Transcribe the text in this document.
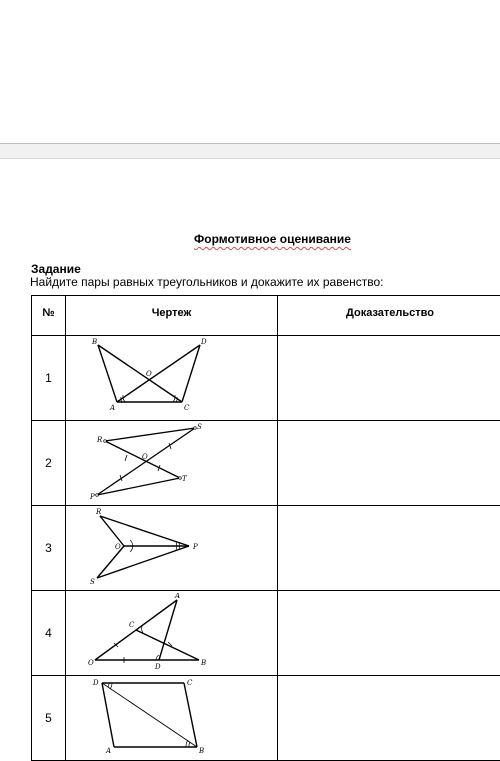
Формотивное оценивание
Задание
Найдите пары равных треугольников и докажите их равенство:
№	Чертеж	Доказательство
1	B D
O
A C	

2	S
R
O
T
P	

3	R
O P
S	

4	A
C
O D B	

5	D C
A B	
